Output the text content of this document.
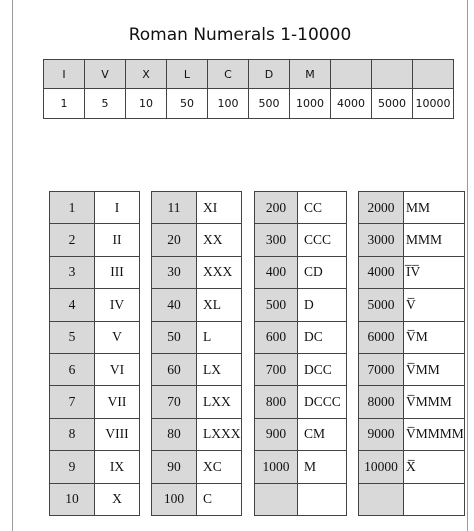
Roman Numerals 1-10000
I	V	X	L	C	D	M			
1	5	10	50	100	500	1000	4000	5000	10000
1	I
2	II
3	III
4	IV
5	V
6	VI
7	VII
8	VIII
9	IX
10	X
11	XI
20	XX
30	XXX
40	XL
50	L
60	LX
70	LXX
80	LXXX
90	XC
100	C
200	CC
300	CCC
400	CD
500	D
600	DC
700	DCC
800	DCCC
900	CM
1000	M

2000	MM
3000	MMM
4000	I̅V̅
5000	V̅
6000	V̅M
7000	V̅MM
8000	V̅MMM
9000	V̅MMMM
10000	X̅
